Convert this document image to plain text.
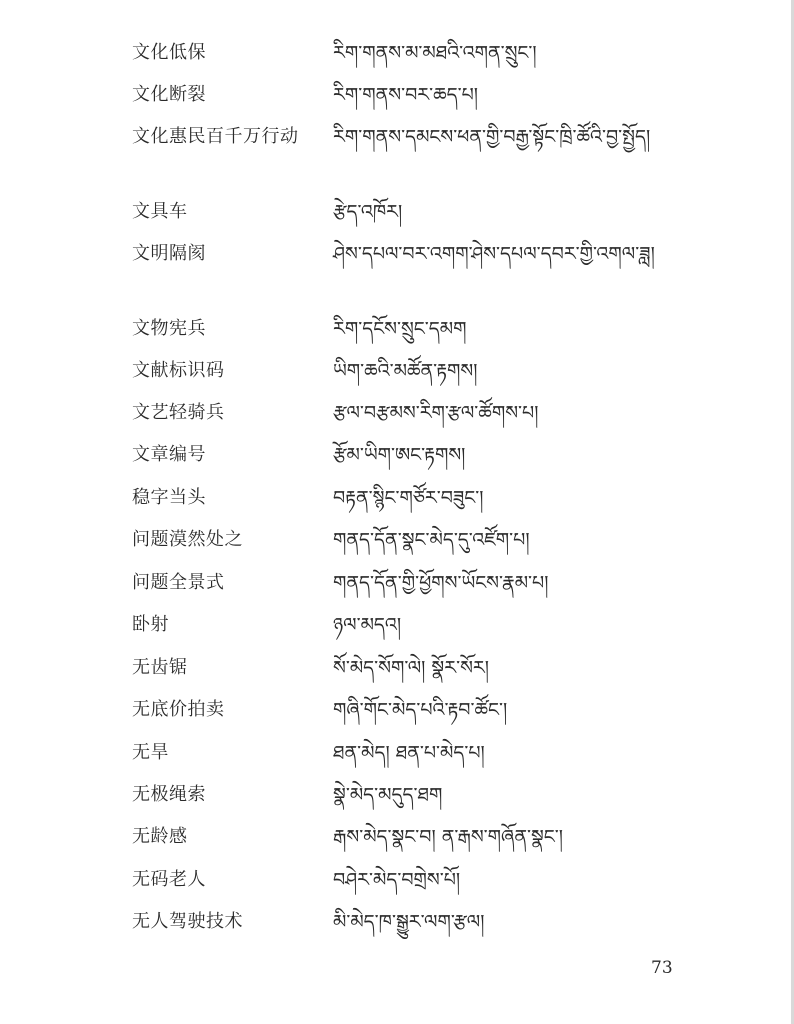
文化低保	རིག་གནས་མ་མཐའི་འགན་སྲུང་།
文化断裂	རིག་གནས་བར་ཆད་པ།
文化惠民百千万行动 རིག་གནས་དམངས་ཕན་གྱི་བརྒྱ་སྟོང་ཁྲི་ཚོའི་བྱ་སྤྱོད།
文具车	རྩེད་འཁོར།
文明隔阂	ཤེས་དཔལ་བར་འགག་ཤེས་དཔལ་དབར་གྱི་འགལ་ཟླ།
文物宪兵	རིག་དངོས་སྲུང་དམག
文献标识码	ཡིག་ཆའི་མཚོན་རྟགས།
文艺轻骑兵	རྩལ་བརྩམས་རིག་རྩལ་ཚོགས་པ།
文章编号	རྩོམ་ཡིག་ཨང་རྟགས།
稳字当头	བརྟན་སྙིང་གཙོར་བཟུང་།
问题漠然处之	གནད་དོན་སྣང་མེད་དུ་འཛོག་པ།
问题全景式	གནད་དོན་གྱི་ཕྱོགས་ཡོངས་རྣམ་པ།
卧射	ཉལ་མདའ།
无齿锯	སོ་མེད་སོག་ལེ། སྣོར་སོར།
无底价拍卖	གཞི་གོང་མེད་པའི་རྟབ་ཚོང་།
无旱	ཐན་མེད། ཐན་པ་མེད་པ།
无极绳索	སྣེ་མེད་མདུད་ཐག
无龄感	རྒས་མེད་སྣང་བ། ན་རྒས་གཞོན་སྣང་།
无码老人	བཤེར་མེད་བགྲེས་པོ།
无人驾驶技术	མི་མེད་ཁ་སྒྱུར་ལག་རྩལ།
73
